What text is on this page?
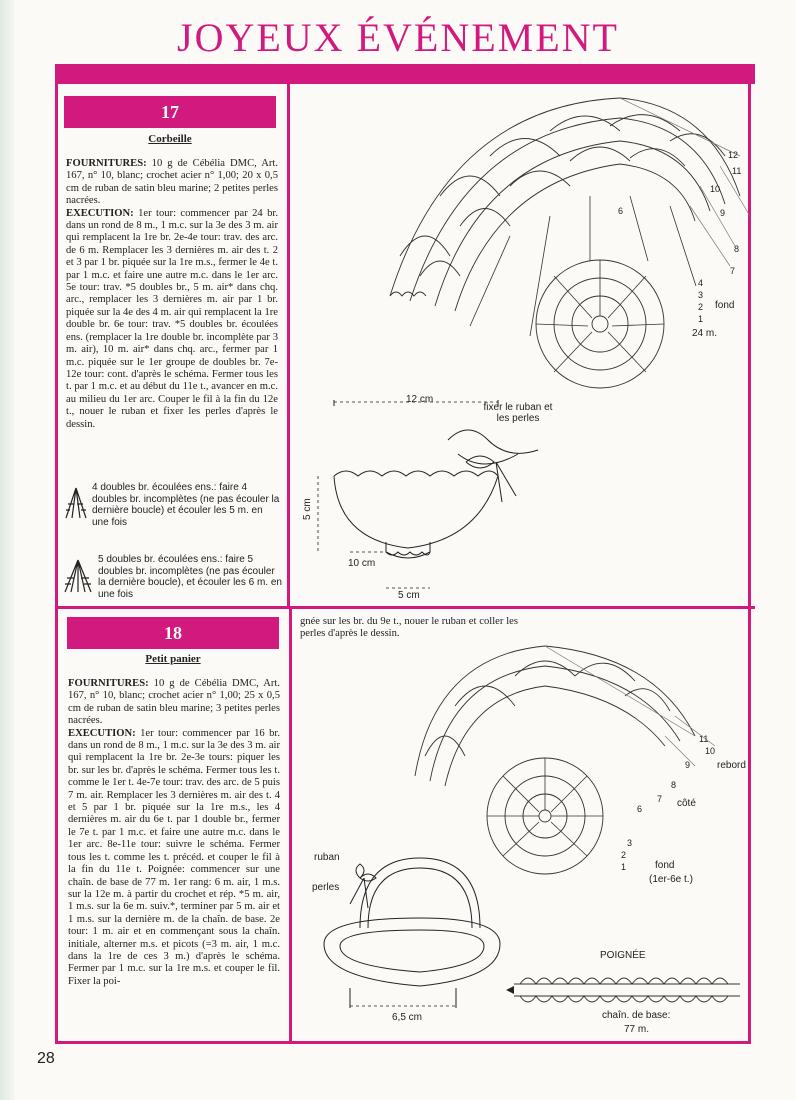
JOYEUX ÉVÉNEMENT
17
Corbeille

FOURNITURES: 10 g de Cébélia DMC, Art. 167, n° 10, blanc; crochet acier n° 1,00; 20 x 0,5 cm de ruban de satin bleu marine; 2 petites perles nacrées.

EXECUTION: 1er tour: commencer par 24 br. dans un rond de 8 m., 1 m.c. sur la 3e des 3 m. air qui remplacent la 1re br. 2e-4e tour: trav. des arc. de 6 m. Remplacer les 3 dernières m. air des t. 2 et 3 par 1 br. piquée sur la 1re m.s., fermer le 4e t. par 1 m.c. et faire une autre m.c. dans le 1er arc. 5e tour: trav. *5 doubles br., 5 m. air* dans chq. arc., remplacer les 3 dernières m. air par 1 br. piquée sur la 4e des 4 m. air qui remplacent la 1re double br. 6e tour: trav. *5 doubles br. écoulées ens. (remplacer la 1re double br. incomplète par 3 m. air), 10 m. air* dans chq. arc., fermer par 1 m.c. piquée sur le 1er groupe de doubles br. 7e-12e tour: cont. d'après le schéma. Fermer tous les t. par 1 m.c. et au début du 11e t., avancer en m.c. au milieu du 1er arc. Couper le fil à la fin du 12e t., nouer le ruban et fixer les perles d'après le dessin.

4 doubles br. écoulées ens.: faire 4 doubles br. incomplètes (ne pas écouler la dernière boucle) et écouler les 5 m. en une fois
5 doubles br. écoulées ens.: faire 5 doubles br. incomplètes (ne pas écouler la dernière boucle), et écouler les 6 m. en une fois
12
11
10
9
8
7
6
4
3
2
1
fond
24 m.
12 cm
5 cm
10 cm
5 cm
fixer le ruban et les perles
18
Petit panier

FOURNITURES: 10 g de Cébélia DMC, Art. 167, n° 10, blanc; crochet acier n° 1,00; 25 x 0,5 cm de ruban de satin bleu marine; 3 petites perles nacrées.

EXECUTION: 1er tour: commencer par 16 br. dans un rond de 8 m., 1 m.c. sur la 3e des 3 m. air qui remplacent la 1re br. 2e-3e tours: piquer les br. sur les br. d'après le schéma. Fermer tous les t. comme le 1er t. 4e-7e tour: trav. des arc. de 5 puis 7 m. air. Remplacer les 3 dernières m. air des t. 4 et 5 par 1 br. piquée sur la 1re m.s., les 4 dernières m. air du 6e t. par 1 double br., fermer le 7e t. par 1 m.c. et faire une autre m.c. dans le 1er arc. 8e-11e tour: suivre le schéma. Fermer tous les t. comme les t. précéd. et couper le fil à la fin du 11e t. Poignée: commencer sur une chaîn. de base de 77 m. 1er rang: 6 m. air, 1 m.s. sur la 12e m. à partir du crochet et rép. *5 m. air, 1 m.s. sur la 6e m. suiv.*, terminer par 5 m. air et 1 m.s. sur la dernière m. de la chaîn. de base. 2e tour: 1 m. air et en commençant sous la chaîn. initiale, alterner m.s. et picots (=3 m. air, 1 m.c. dans la 1re de ces 3 m.) d'après le schéma. Fermer par 1 m.c. sur la 1re m.s. et couper le fil. Fixer la poi-

gnée sur les br. du 9e t., nouer le ruban et coller les perles d'après le dessin.
11
10
9
8
7
6
3
2
1
rebord
côté
fond
(1er-6e t.)
ruban
perles
6,5 cm
POIGNÉE
chaîn. de base:
77 m.
28
